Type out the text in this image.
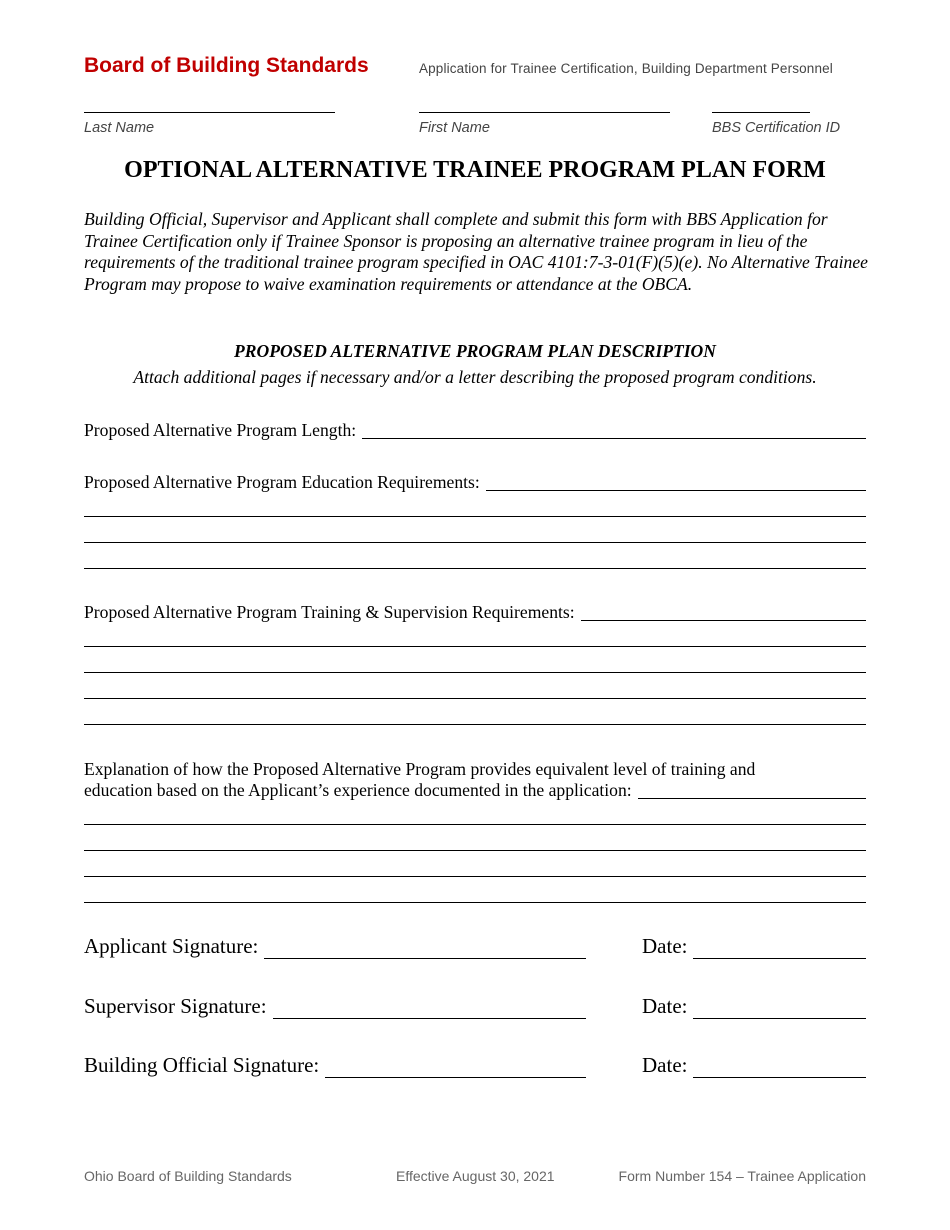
Board of Building Standards	Application for Trainee Certification, Building Department Personnel
Last Name	First Name	BBS Certification ID
OPTIONAL ALTERNATIVE TRAINEE PROGRAM PLAN FORM
Building Official, Supervisor and Applicant shall complete and submit this form with BBS Application for Trainee Certification only if Trainee Sponsor is proposing an alternative trainee program in lieu of the requirements of the traditional trainee program specified in OAC 4101:7-3-01(F)(5)(e). No Alternative Trainee Program may propose to waive examination requirements or attendance at the OBCA.
PROPOSED ALTERNATIVE PROGRAM PLAN DESCRIPTION
Attach additional pages if necessary and/or a letter describing the proposed program conditions.
Proposed Alternative Program Length:
Proposed Alternative Program Education Requirements:
Proposed Alternative Program Training & Supervision Requirements:
Explanation of how the Proposed Alternative Program provides equivalent level of training and
education based on the Applicant’s experience documented in the application:
Applicant Signature:	Date:
Supervisor Signature:	Date:
Building Official Signature:	Date:
Ohio Board of Building Standards	Effective August 30, 2021	Form Number 154 – Trainee Application
